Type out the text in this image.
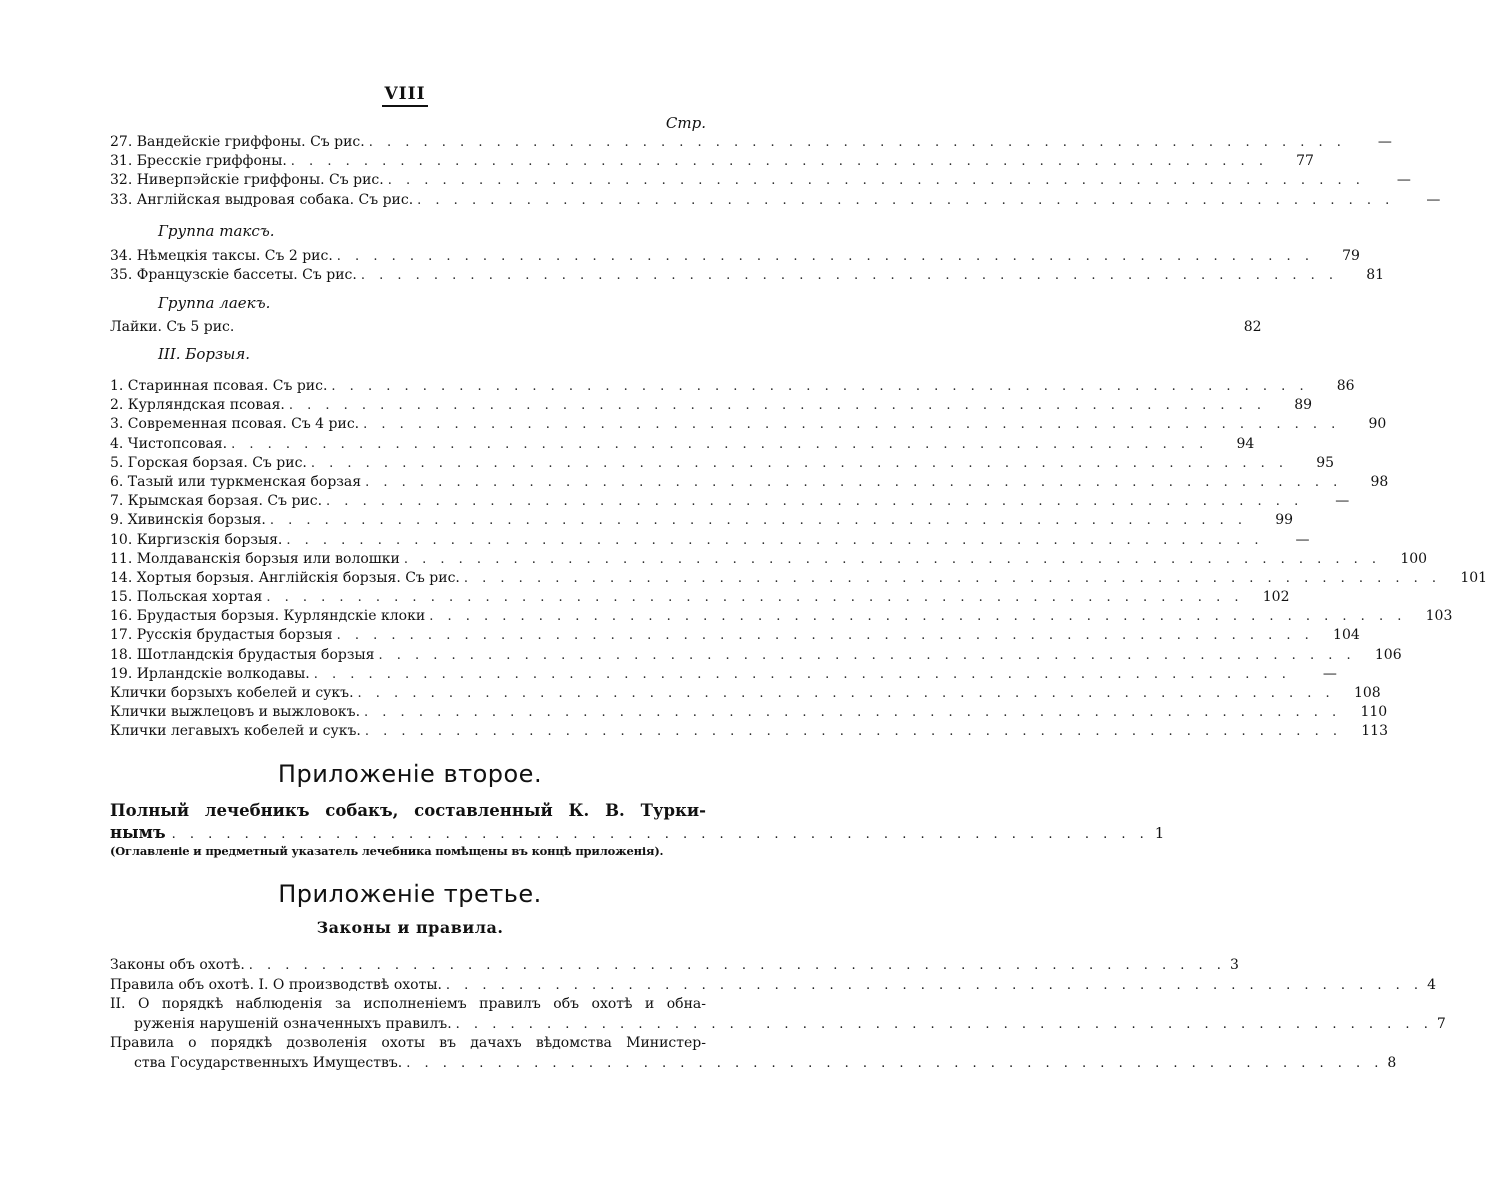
VIII
Стр.
27. Вандейскіе гриффоны. Съ рис. . . . . . . . . . . . . . . . . . . . . . . . . . . . . . . . . . . . . . . . . . . . . . . . . . . . . . .	—
31. Бресскіе гриффоны. . . . . . . . . . . . . . . . . . . . . . . . . . . . . . . . . . . . . . . . . . . . . . . . . . . . . . .	77
32. Ниверпэйскіе гриффоны. Съ рис. . . . . . . . . . . . . . . . . . . . . . . . . . . . . . . . . . . . . . . . . . . . . . . . . . . . . . .	—
33. Англійская выдровая собака. Съ рис. . . . . . . . . . . . . . . . . . . . . . . . . . . . . . . . . . . . . . . . . . . . . . . . . . . . . . .	—
Группа таксъ.
34. Нѣмецкія таксы. Съ 2 рис. . . . . . . . . . . . . . . . . . . . . . . . . . . . . . . . . . . . . . . . . . . . . . . . . . . . . . .	79
35. Французскіе бассеты. Съ рис. . . . . . . . . . . . . . . . . . . . . . . . . . . . . . . . . . . . . . . . . . . . . . . . . . . . . . .	81
Группа лаекъ.
Лайки. Съ 5 рис.	82
III. Борзыя.
1. Старинная псовая. Съ рис. . . . . . . . . . . . . . . . . . . . . . . . . . . . . . . . . . . . . . . . . . . . . . . . . . . . . . .	86
2. Курляндская псовая. . . . . . . . . . . . . . . . . . . . . . . . . . . . . . . . . . . . . . . . . . . . . . . . . . . . . . .	89
3. Современная псовая. Съ 4 рис. . . . . . . . . . . . . . . . . . . . . . . . . . . . . . . . . . . . . . . . . . . . . . . . . . . . . . .	90
4. Чистопсовая. . . . . . . . . . . . . . . . . . . . . . . . . . . . . . . . . . . . . . . . . . . . . . . . . . . . . . .	94
5. Горская борзая. Съ рис. . . . . . . . . . . . . . . . . . . . . . . . . . . . . . . . . . . . . . . . . . . . . . . . . . . . . . .	95
6. Тазый или туркменская борзая . . . . . . . . . . . . . . . . . . . . . . . . . . . . . . . . . . . . . . . . . . . . . . . . . . . . . .	98
7. Крымская борзая. Съ рис. . . . . . . . . . . . . . . . . . . . . . . . . . . . . . . . . . . . . . . . . . . . . . . . . . . . . . .	—
9. Хивинскія борзыя. . . . . . . . . . . . . . . . . . . . . . . . . . . . . . . . . . . . . . . . . . . . . . . . . . . . . . .	99
10. Киргизскія борзыя. . . . . . . . . . . . . . . . . . . . . . . . . . . . . . . . . . . . . . . . . . . . . . . . . . . . . . .	—
11. Молдаванскія борзыя или волошки . . . . . . . . . . . . . . . . . . . . . . . . . . . . . . . . . . . . . . . . . . . . . . . . . . . . . .	100
14. Хортыя борзыя. Англійскія борзыя. Съ рис. . . . . . . . . . . . . . . . . . . . . . . . . . . . . . . . . . . . . . . . . . . . . . . . . . . . . . .	101
15. Польская хортая . . . . . . . . . . . . . . . . . . . . . . . . . . . . . . . . . . . . . . . . . . . . . . . . . . . . . .	102
16. Брудастыя борзыя. Курляндскіе клоки . . . . . . . . . . . . . . . . . . . . . . . . . . . . . . . . . . . . . . . . . . . . . . . . . . . . . .	103
17. Русскія брудастыя борзыя . . . . . . . . . . . . . . . . . . . . . . . . . . . . . . . . . . . . . . . . . . . . . . . . . . . . . .	104
18. Шотландскія брудастыя борзыя . . . . . . . . . . . . . . . . . . . . . . . . . . . . . . . . . . . . . . . . . . . . . . . . . . . . . .	106
19. Ирландскіе волкодавы. . . . . . . . . . . . . . . . . . . . . . . . . . . . . . . . . . . . . . . . . . . . . . . . . . . . . . .	—
Клички борзыхъ кобелей и сукъ. . . . . . . . . . . . . . . . . . . . . . . . . . . . . . . . . . . . . . . . . . . . . . . . . . . . . . .	108
Клички выжлецовъ и выжловокъ. . . . . . . . . . . . . . . . . . . . . . . . . . . . . . . . . . . . . . . . . . . . . . . . . . . . . . .	110
Клички легавыхъ кобелей и сукъ. . . . . . . . . . . . . . . . . . . . . . . . . . . . . . . . . . . . . . . . . . . . . . . . . . . . . . .	113
Приложеніе второе.
Полный лечебникъ собакъ, составленный К. В. Турки-
нымъ . . . . . . . . . . . . . . . . . . . . . . . . . . . . . . . . . . . . . . . . . . . . . . . . . . . . . . 1
(Оглавленіе и предметный указатель лечебника помѣщены въ концѣ приложенія).
Приложеніе третье.
Законы и правила.
Законы объ охотѣ. . . . . . . . . . . . . . . . . . . . . . . . . . . . . . . . . . . . . . . . . . . . . . . . . . . . . . . 3
Правила объ охотѣ. I. О производствѣ охоты. . . . . . . . . . . . . . . . . . . . . . . . . . . . . . . . . . . . . . . . . . . . . . . . . . . . . . . 4
II. О порядкѣ наблюденія за исполненіемъ правилъ объ охотѣ и обна-
руженія нарушеній означенныхъ правилъ. . . . . . . . . . . . . . . . . . . . . . . . . . . . . . . . . . . . . . . . . . . . . . . . . . . . . . . 7
Правила о порядкѣ дозволенія охоты въ дачахъ вѣдомства Министер-
ства Государственныхъ Имуществъ. . . . . . . . . . . . . . . . . . . . . . . . . . . . . . . . . . . . . . . . . . . . . . . . . . . . . . . 8
